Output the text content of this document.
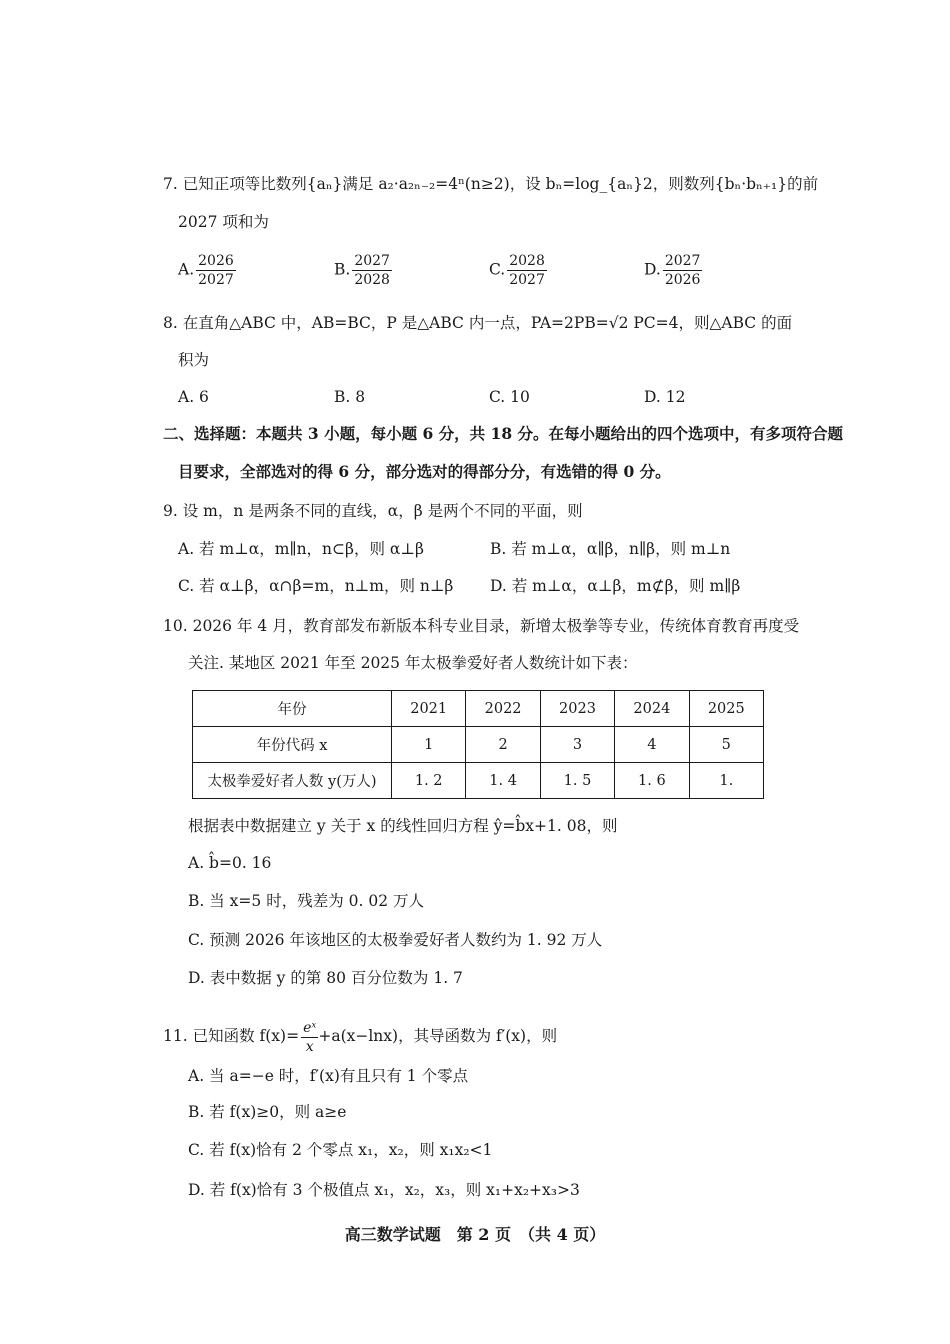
7. 已知正项等比数列{aₙ}满足 a₂·a₂ₙ₋₂=4ⁿ(n≥2)，设 bₙ=log_{aₙ}2，则数列{bₙ·bₙ₊₁}的前
2027 项和为
A. $\frac{2026}{2027}$	B. $\frac{2027}{2028}$	C. $\frac{2028}{2027}$	D. $\frac{2027}{2026}$
8. 在直角△ABC 中，AB=BC，P 是△ABC 内一点，PA=2PB=√2 PC=4，则△ABC 的面
积为
A. 6	B. 8	C. 10	D. 12
二、选择题：本题共 3 小题，每小题 6 分，共 18 分。在每小题给出的四个选项中，有多项符合题
目要求，全部选对的得 6 分，部分选对的得部分分，有选错的得 0 分。
9. 设 m，n 是两条不同的直线，α，β 是两个不同的平面，则
A. 若 m⊥α，m∥n，n⊂β，则 α⊥β	B. 若 m⊥α，α∥β，n∥β，则 m⊥n
C. 若 α⊥β，α∩β=m，n⊥m，则 n⊥β D. 若 m⊥α，α⊥β，m⊄β，则 m∥β
10. 2026 年 4 月，教育部发布新版本科专业目录，新增太极拳等专业，传统体育教育再度受
关注. 某地区 2021 年至 2025 年太极拳爱好者人数统计如下表：
年份	2021	2022	2023	2024	2025
年份代码 x	1	2	3	4	5
太极拳爱好者人数 y(万人)	1. 2	1. 4	1. 5	1. 6	1.
根据表中数据建立 y 关于 x 的线性回归方程 ŷ=b̂x+1. 08，则
A. b̂=0. 16
B. 当 x=5 时，残差为 0. 02 万人
C. 预测 2026 年该地区的太极拳爱好者人数约为 1. 92 万人
D. 表中数据 y 的第 80 百分位数为 1. 7
11. 已知函数 $f(x)= \frac{\text{eˣ}}{x} +a(x-\ln x)$，其导函数为 f′(x)，则
A. 当 a=−e 时，f′(x)有且只有 1 个零点
B. 若 f(x)≥0，则 a≥e
C. 若 f(x)恰有 2 个零点 x₁，x₂，则 x₁x₂<1
D. 若 f(x)恰有 3 个极值点 x₁，x₂，x₃，则 x₁+x₂+x₃>3
高三数学试题　第 2 页　（共 4 页）
